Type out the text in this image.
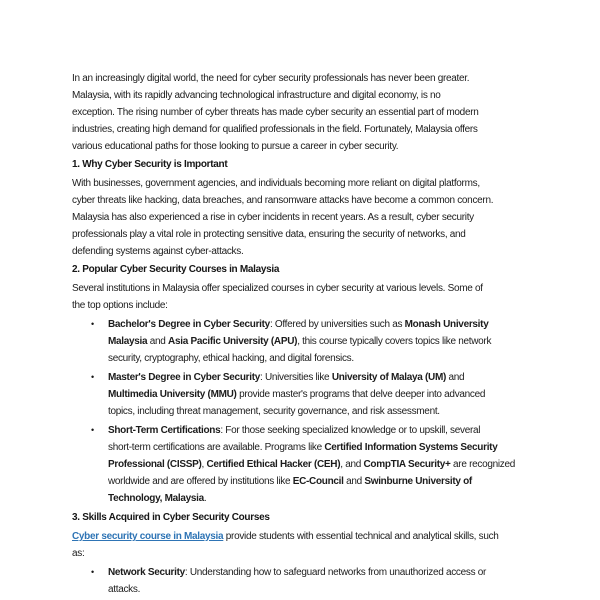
In an increasingly digital world, the need for cyber security professionals has never been greater.
Malaysia, with its rapidly advancing technological infrastructure and digital economy, is no
exception. The rising number of cyber threats has made cyber security an essential part of modern
industries, creating high demand for qualified professionals in the field. Fortunately, Malaysia offers
various educational paths for those looking to pursue a career in cyber security.
1. Why Cyber Security is Important
With businesses, government agencies, and individuals becoming more reliant on digital platforms,
cyber threats like hacking, data breaches, and ransomware attacks have become a common concern.
Malaysia has also experienced a rise in cyber incidents in recent years. As a result, cyber security
professionals play a vital role in protecting sensitive data, ensuring the security of networks, and
defending systems against cyber-attacks.
2. Popular Cyber Security Courses in Malaysia
Several institutions in Malaysia offer specialized courses in cyber security at various levels. Some of
the top options include:
• Bachelor's Degree in Cyber Security: Offered by universities such as Monash University
Malaysia and Asia Pacific University (APU), this course typically covers topics like network
security, cryptography, ethical hacking, and digital forensics.
• Master's Degree in Cyber Security: Universities like University of Malaya (UM) and
Multimedia University (MMU) provide master's programs that delve deeper into advanced
topics, including threat management, security governance, and risk assessment.
• Short-Term Certifications: For those seeking specialized knowledge or to upskill, several
short-term certifications are available. Programs like Certified Information Systems Security
Professional (CISSP), Certified Ethical Hacker (CEH), and CompTIA Security+ are recognized
worldwide and are offered by institutions like EC-Council and Swinburne University of
Technology, Malaysia.
3. Skills Acquired in Cyber Security Courses
Cyber security course in Malaysia provide students with essential technical and analytical skills, such
as:
• Network Security: Understanding how to safeguard networks from unauthorized access or
attacks.
